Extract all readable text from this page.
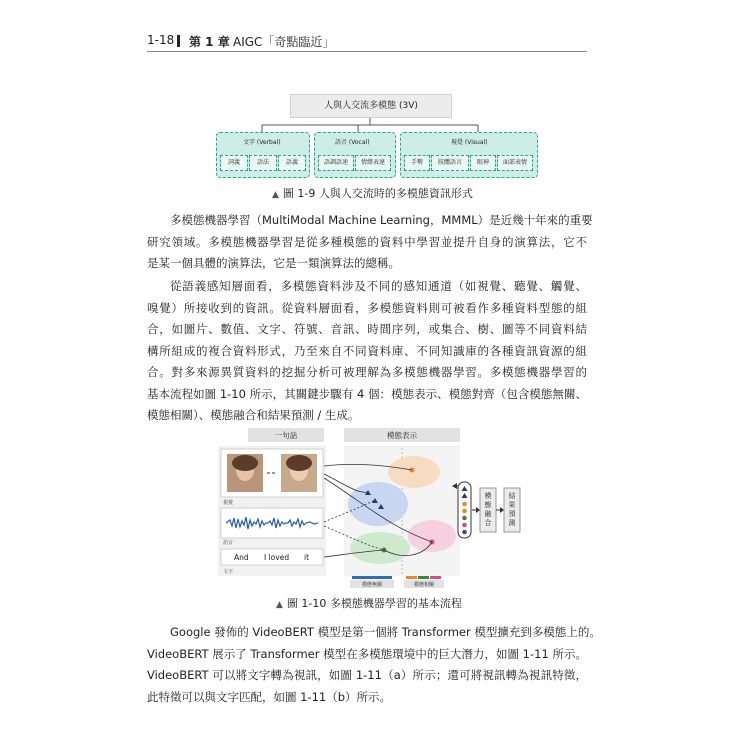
1-18 第 1 章 AIGC「奇點臨近」
人與人交流多模態 (3V)
文字 (Verbal)
詞義	語法	語義
語音 (Vocal)
語調語速	情緒表達
視覺 (Visual)
手勢	肢體語言	眼神	面部表情
▲ 圖 1-9 人與人交流時的多模態資訊形式
多模態機器學習（MultiModal Machine Learning，MMML）是近幾十年來的重要
研究領域。多模態機器學習是從多種模態的資料中學習並提升自身的演算法，它不
是某一個具體的演算法，它是一類演算法的總稱。
從語義感知層面看，多模態資料涉及不同的感知通道（如視覺、聽覺、觸覺、
嗅覺）所接收到的資訊。從資料層面看，多模態資料則可被看作多種資料型態的組
合，如圖片、數值、文字、符號、音訊、時間序列，或集合、樹、圖等不同資料結
構所組成的複合資料形式，乃至來自不同資料庫、不同知識庫的各種資訊資源的組
合。對多來源異質資料的挖掘分析可被理解為多模態機器學習。多模態機器學習的
基本流程如圖 1-10 所示，其關鍵步驟有 4 個：模態表示、模態對齊（包含模態無關、
模態相關）、模態融合和結果預測 / 生成。
一句話	模態表示
視覺
語音
And I loved it
文字
模態無關	模態相關
模
態
融
合
結
果
預
測
▲ 圖 1-10 多模態機器學習的基本流程
Google 發佈的 VideoBERT 模型是第一個將 Transformer 模型擴充到多模態上的。
VideoBERT 展示了 Transformer 模型在多模態環境中的巨大潛力，如圖 1-11 所示。
VideoBERT 可以將文字轉為視訊，如圖 1-11（a）所示；還可將視訊轉為視訊特徵，
此特徵可以與文字匹配，如圖 1-11（b）所示。
